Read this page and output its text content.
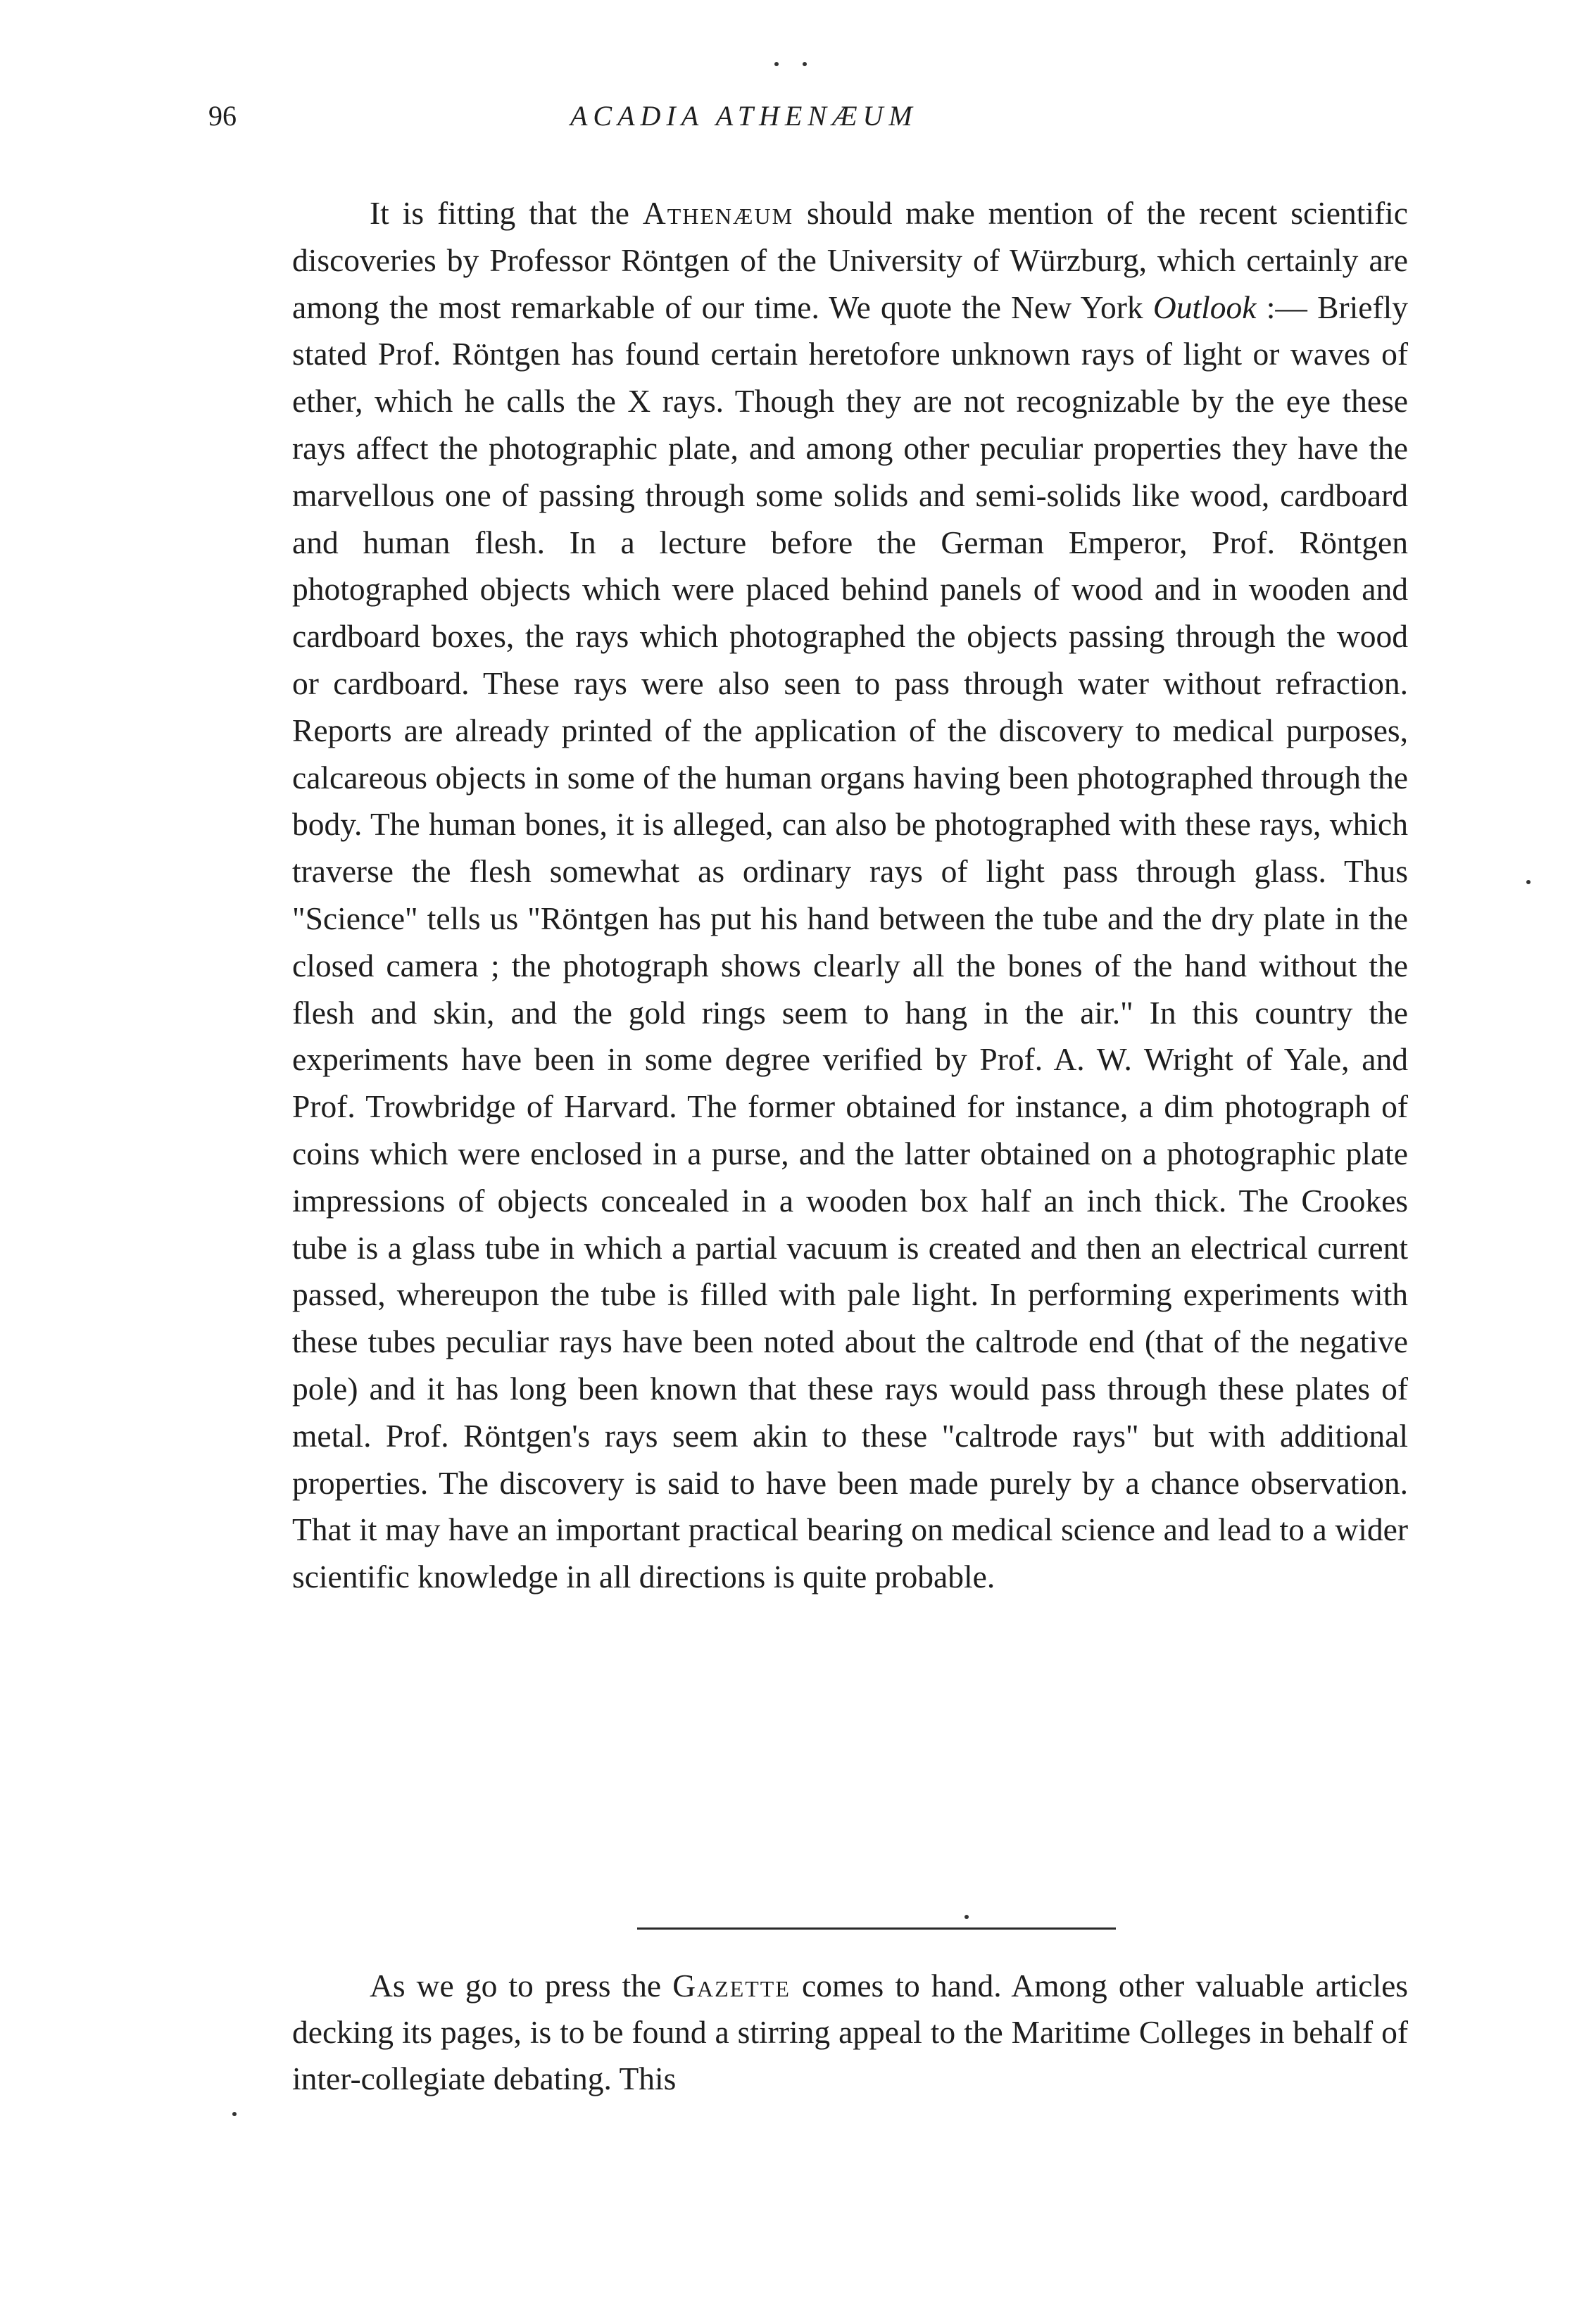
96	ACADIA ATHENÆUM
It is fitting that the Athenæum should make mention of the recent scientific discoveries by Professor Röntgen of the University of Würzburg, which certainly are among the most remarkable of our time. We quote the New York Outlook :— Briefly stated Prof. Röntgen has found certain heretofore unknown rays of light or waves of ether, which he calls the X rays. Though they are not recognizable by the eye these rays affect the photographic plate, and among other peculiar properties they have the marvellous one of passing through some solids and semi-solids like wood, cardboard and human flesh. In a lecture before the German Emperor, Prof. Röntgen photographed objects which were placed behind panels of wood and in wooden and cardboard boxes, the rays which photographed the objects passing through the wood or cardboard. These rays were also seen to pass through water without refraction. Reports are already printed of the application of the discovery to medical purposes, calcareous objects in some of the human organs having been photographed through the body. The human bones, it is alleged, can also be photographed with these rays, which traverse the flesh somewhat as ordinary rays of light pass through glass. Thus "Science" tells us "Röntgen has put his hand between the tube and the dry plate in the closed camera ; the photograph shows clearly all the bones of the hand without the flesh and skin, and the gold rings seem to hang in the air." In this country the experiments have been in some degree verified by Prof. A. W. Wright of Yale, and Prof. Trowbridge of Harvard. The former obtained for instance, a dim photograph of coins which were enclosed in a purse, and the latter obtained on a photographic plate impressions of objects concealed in a wooden box half an inch thick. The Crookes tube is a glass tube in which a partial vacuum is created and then an electrical current passed, whereupon the tube is filled with pale light. In performing experiments with these tubes peculiar rays have been noted about the caltrode end (that of the negative pole) and it has long been known that these rays would pass through these plates of metal. Prof. Röntgen's rays seem akin to these "caltrode rays" but with additional properties. The discovery is said to have been made purely by a chance observation. That it may have an important practical bearing on medical science and lead to a wider scientific knowledge in all directions is quite probable.
As we go to press the Gazette comes to hand. Among other valuable articles decking its pages, is to be found a stirring appeal to the Maritime Colleges in behalf of inter-collegiate debating. This
